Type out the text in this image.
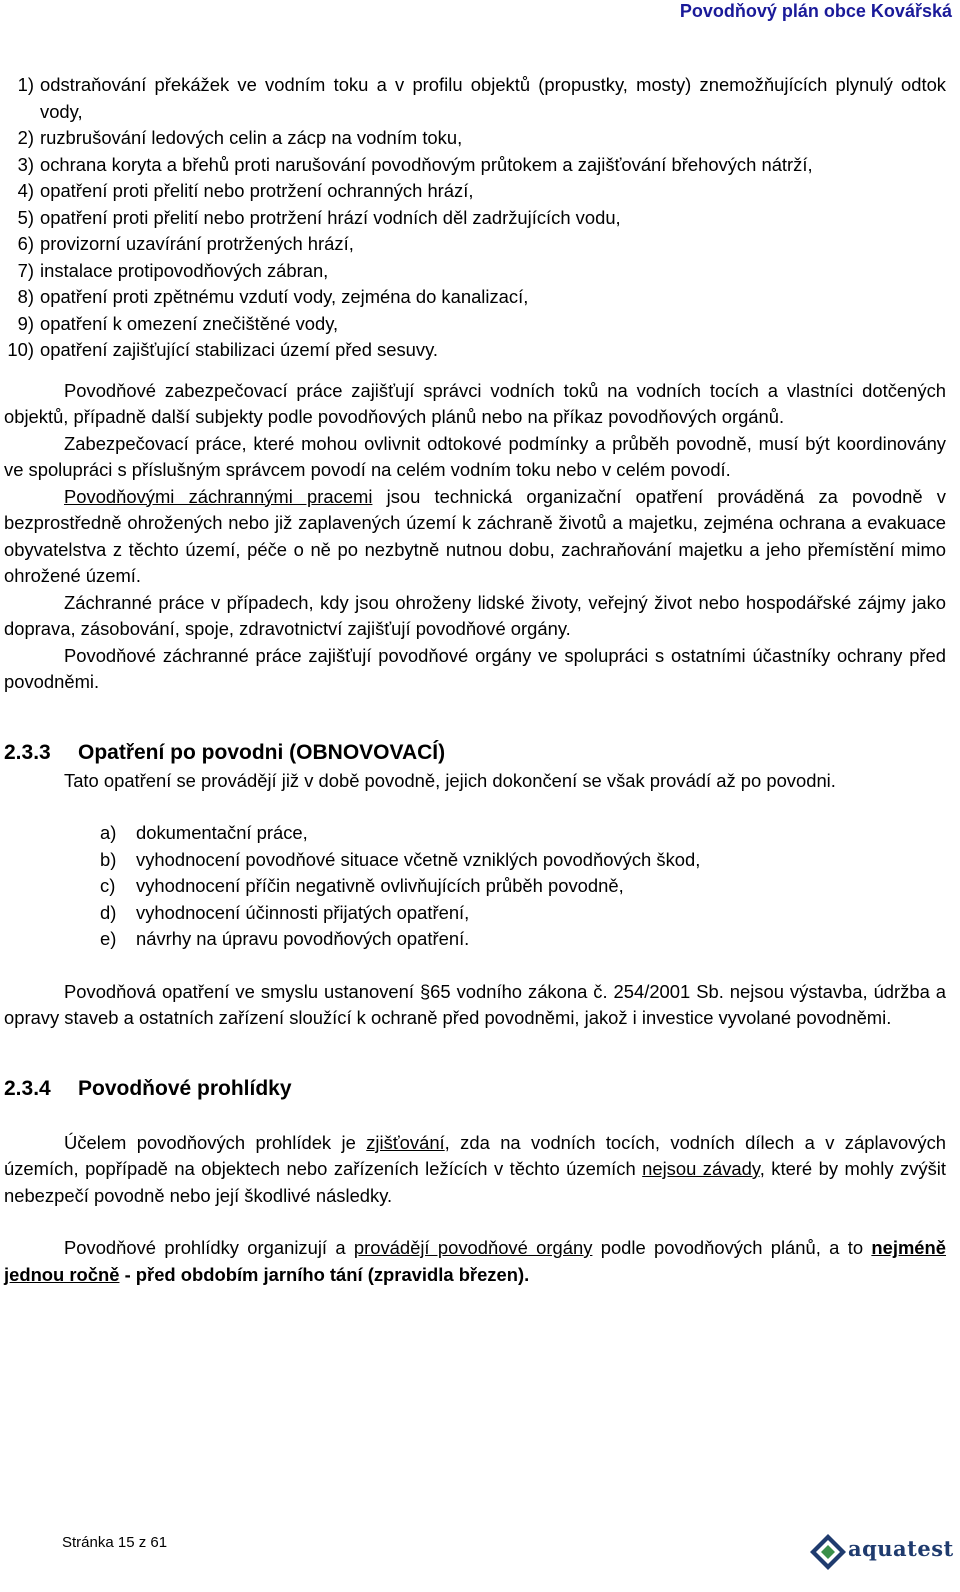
Povodňový plán obce Kovářská
1) odstraňování překážek ve vodním toku a v profilu objektů (propustky, mosty) znemožňujících plynulý odtok vody,
2) ruzbrušování ledových celin a zácp na vodním toku,
3) ochrana koryta a břehů proti narušování povodňovým průtokem a zajišťování břehových nátrží,
4) opatření proti přelití nebo protržení ochranných hrází,
5) opatření proti přelití nebo protržení hrází vodních děl zadržujících vodu,
6) provizorní uzavírání protržených hrází,
7) instalace protipovodňových zábran,
8) opatření proti zpětnému vzdutí vody, zejména do kanalizací,
9) opatření k omezení znečištěné vody,
10) opatření zajišťující stabilizaci území před sesuvy.

Povodňové zabezpečovací práce zajišťují správci vodních toků na vodních tocích a vlastníci dotčených objektů, případně další subjekty podle povodňových plánů nebo na příkaz povodňových orgánů.

Zabezpečovací práce, které mohou ovlivnit odtokové podmínky a průběh povodně, musí být koordinovány ve spolupráci s příslušným správcem povodí na celém vodním toku nebo v celém povodí.

Povodňovými záchrannými pracemi jsou technická organizační opatření prováděná za povodně v bezprostředně ohrožených nebo již zaplavených území k záchraně životů a majetku, zejména ochrana a evakuace obyvatelstva z těchto území, péče o ně po nezbytně nutnou dobu, zachraňování majetku a jeho přemístění mimo ohrožené území.

Záchranné práce v případech, kdy jsou ohroženy lidské životy, veřejný život nebo hospodářské zájmy jako doprava, zásobování, spoje, zdravotnictví zajišťují povodňové orgány.

Povodňové záchranné práce zajišťují povodňové orgány ve spolupráci s ostatními účastníky ochrany před povodněmi.

2.3.3 Opatření po povodni (OBNOVOVACÍ)

Tato opatření se provádějí již v době povodně, jejich dokončení se však provádí až po povodni.

a) dokumentační práce,
b) vyhodnocení povodňové situace včetně vzniklých povodňových škod,
c) vyhodnocení příčin negativně ovlivňujících průběh povodně,
d) vyhodnocení účinnosti přijatých opatření,
e) návrhy na úpravu povodňových opatření.

Povodňová opatření ve smyslu ustanovení §65 vodního zákona č. 254/2001 Sb. nejsou výstavba, údržba a opravy staveb a ostatních zařízení sloužící k ochraně před povodněmi, jakož i investice vyvolané povodněmi.

2.3.4 Povodňové prohlídky

Účelem povodňových prohlídek je zjišťování, zda na vodních tocích, vodních dílech a v záplavových územích, popřípadě na objektech nebo zařízeních ležících v těchto územích nejsou závady, které by mohly zvýšit nebezpečí povodně nebo její škodlivé následky.

Povodňové prohlídky organizují a provádějí povodňové orgány podle povodňových plánů, a to nejméně jednou ročně - před obdobím jarního tání (zpravidla březen).

Stránka 15 z 61	aquatest
